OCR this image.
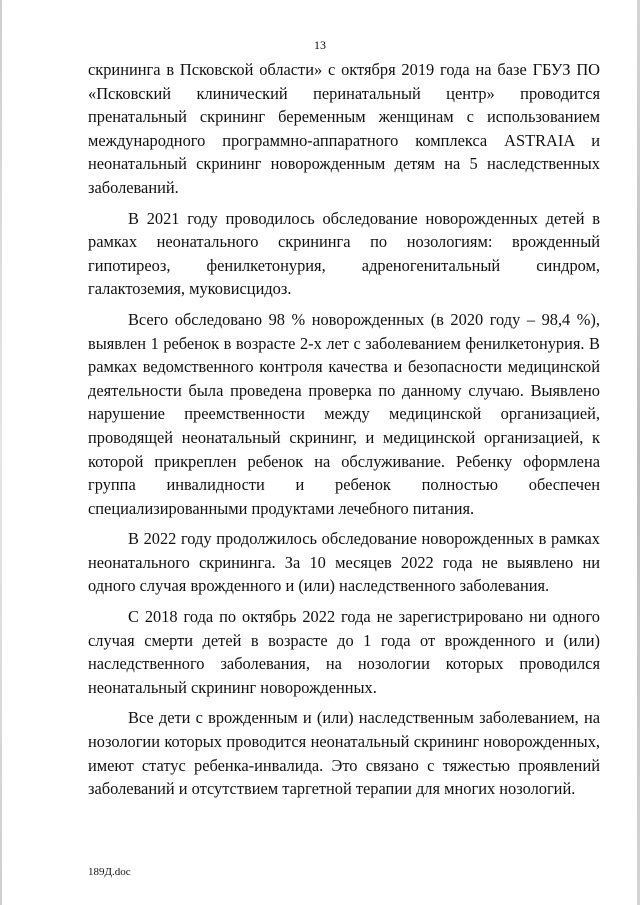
13

скрининга в Псковской области» с октября 2019 года на базе ГБУЗ ПО «Псковский клинический перинатальный центр» проводится пренатальный скрининг беременным женщинам с использованием международного программно-аппаратного комплекса ASTRAIA и неонатальный скрининг новорожденным детям на 5 наследственных заболеваний.

В 2021 году проводилось обследование новорожденных детей в рамках неонатального скрининга по нозологиям: врожденный гипотиреоз, фенилкетонурия, адреногенитальный синдром, галактоземия, муковисцидоз.

Всего обследовано 98 % новорожденных (в 2020 году – 98,4 %), выявлен 1 ребенок в возрасте 2-х лет с заболеванием фенилкетонурия. В рамках ведомственного контроля качества и безопасности медицинской деятельности была проведена проверка по данному случаю. Выявлено нарушение преемственности между медицинской организацией, проводящей неонатальный скрининг, и медицинской организацией, к которой прикреплен ребенок на обслуживание. Ребенку оформлена группа инвалидности и ребенок полностью обеспечен специализированными продуктами лечебного питания.

В 2022 году продолжилось обследование новорожденных в рамках неонатального скрининга. За 10 месяцев 2022 года не выявлено ни одного случая врожденного и (или) наследственного заболевания.

С 2018 года по октябрь 2022 года не зарегистрировано ни одного случая смерти детей в возрасте до 1 года от врожденного и (или) наследственного заболевания, на нозологии которых проводился неонатальный скрининг новорожденных.

Все дети с врожденным и (или) наследственным заболеванием, на нозологии которых проводится неонатальный скрининг новорожденных, имеют статус ребенка-инвалида. Это связано с тяжестью проявлений заболеваний и отсутствием таргетной терапии для многих нозологий.

189Д.doc
